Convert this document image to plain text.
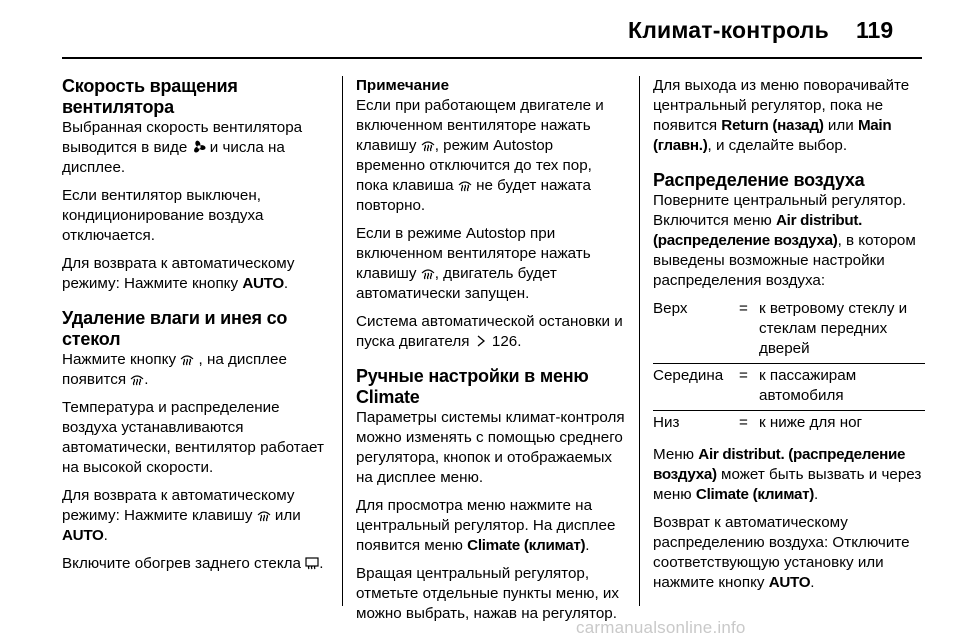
Климат-контроль 119
Скорость вращения вентилятора

Выбранная скорость вентилятора выводится в виде и числа на дисплее.

Если вентилятор выключен, кондиционирование воздуха отключается.

Для возврата к автоматическому режиму: Нажмите кнопку AUTO.

Удаление влаги и инея со стекол

Нажмите кнопку , на дисплее появится .

Температура и распределение воздуха устанавливаются автоматически, вентилятор работает на высокой скорости.

Для возврата к автоматическому режиму: Нажмите клавишу или AUTO.

Включите обогрев заднего стекла .

Примечание

Если при работающем двигателе и включенном вентиляторе нажать клавишу , режим Autostop временно отключится до тех пор, пока клавиша не будет нажата повторно.

Если в режиме Autostop при включенном вентиляторе нажать клавишу , двигатель будет автоматически запущен.

Система автоматической остановки и пуска двигателя 126.

Ручные настройки в меню Climate

Параметры системы климат-контроля можно изменять с помощью среднего регулятора, кнопок и отображаемых на дисплее меню.

Для просмотра меню нажмите на центральный регулятор. На дисплее появится меню Climate (климат).

Вращая центральный регулятор, отметьте отдельные пункты меню, их можно выбрать, нажав на регулятор.

Для выхода из меню поворачивайте центральный регулятор, пока не появится Return (назад) или Main (главн.), и сделайте выбор.

Распределение воздуха

Поверните центральный регулятор. Включится меню Air distribut. (распределение воздуха), в котором выведены возможные настройки распределения воздуха:

Верх	=	к ветровому стеклу и стеклам передних дверей
Середина	=	к пассажирам автомобиля
Низ	=	к ниже для ног

Меню Air distribut. (распределение воздуха) может быть вызвать и через меню Climate (климат).

Возврат к автоматическому распределению воздуха: Отключите соответствующую установку или нажмите кнопку AUTO.

carmanualsonline.info
